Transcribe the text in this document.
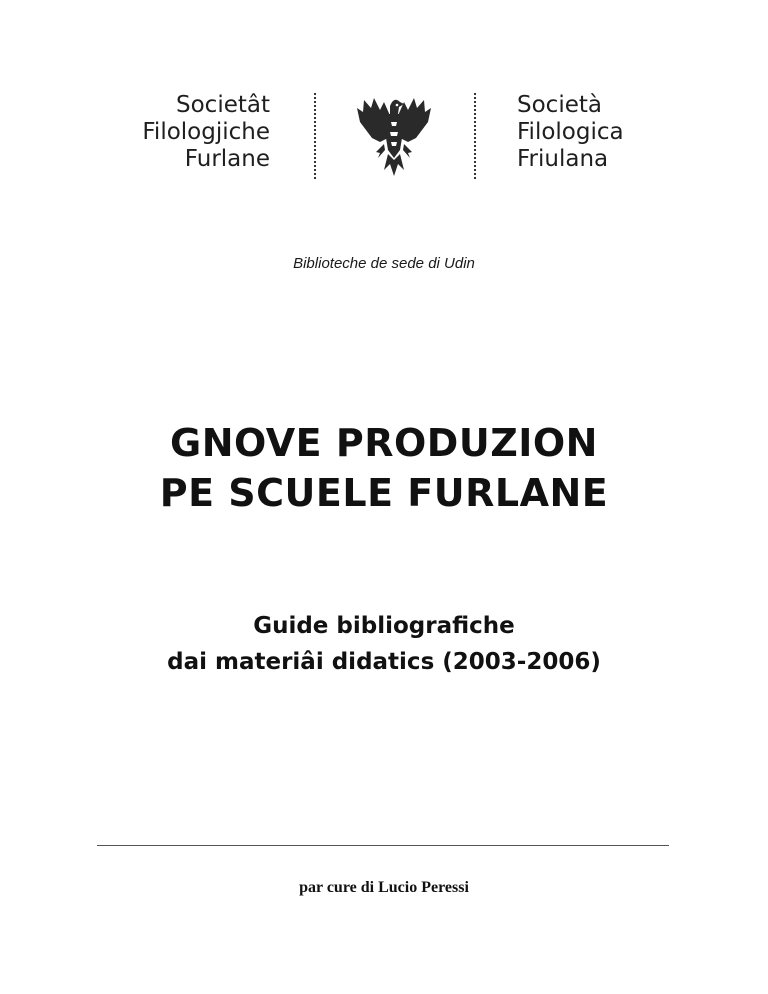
Societât
Filologjiche
Furlane
Società
Filologica
Friulana
Biblioteche de sede di Udin
GNOVE PRODUZION
PE SCUELE FURLANE
Guide bibliografiche
dai materiâi didatics (2003-2006)
par cure di Lucio Peressi
